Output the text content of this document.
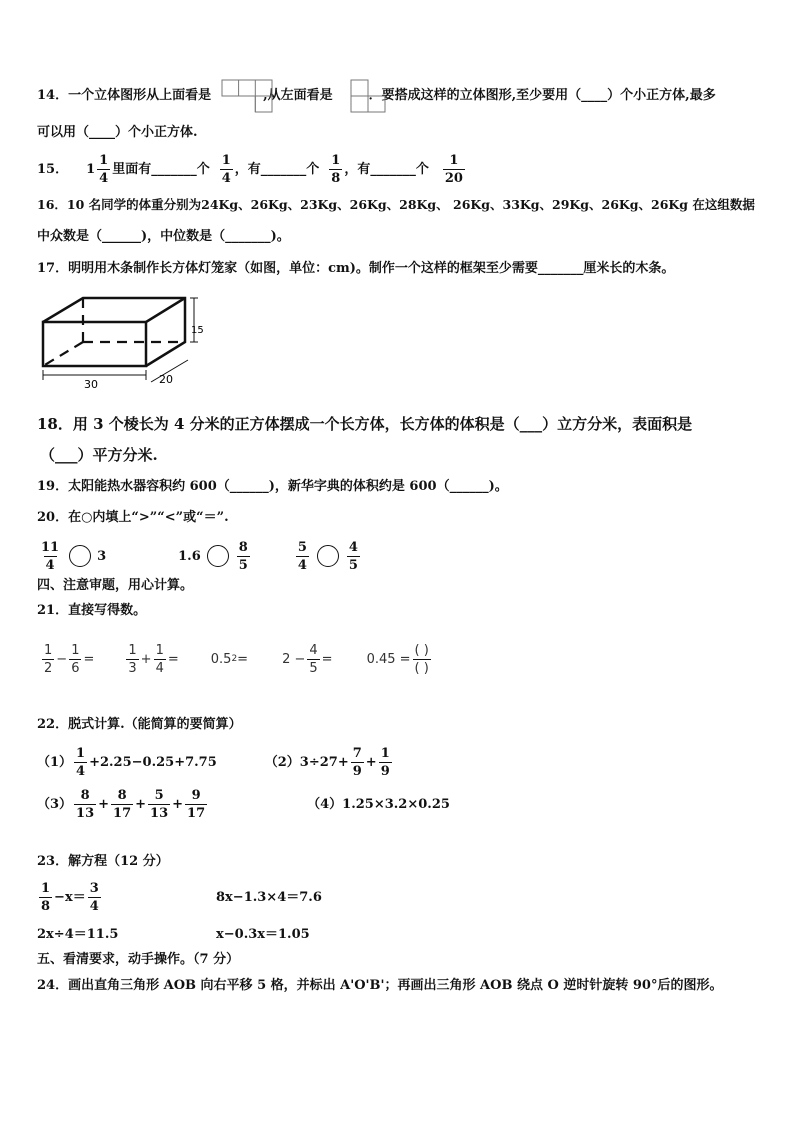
14．一个立体图形从上面看是	,从左面看是	．要搭成这样的立体图形,至少要用（____）个小正方体,最多
可以用（____）个小正方体.
15． $1 \frac{1}{4}$ 里面有_______个 $\frac{1}{4}$ ，有_______个 $\frac{1}{8}$ ，有_______个 $\frac{1}{20}$
16．10 名同学的体重分别为24Kg、26Kg、23Kg、26Kg、28Kg、 26Kg、33Kg、29Kg、26Kg、26Kg 在这组数据
中众数是（______)，中位数是（_______)。
17．明明用木条制作长方体灯笼家（如图，单位：cm)。制作一个这样的框架至少需要_______厘米长的木条。
30	20
15
18．用 3 个棱长为 4 分米的正方体摆成一个长方体，长方体的体积是（___）立方分米，表面积是
（___）平方分米.
19．太阳能热水器容积约 600（______)，新华字典的体积约是 600（______)。
20．在○内填上“>”“<”或“＝”.
$\frac{11}{4}$	3	1.6	$\frac{8}{5}$	$\frac{5}{4}$	$\frac{4}{5}$
四、注意审题，用心计算。
21．直接写得数。
$\frac{1}{2} - \frac{1}{6} = \frac{1}{3} + \frac{1}{4} = 0.5$ 2 =	$2 - \frac{4}{5}$ =	$0.45 = \frac{( )}{( )}$
22．脱式计算.（能简算的要简算）
$(1) \frac{1}{4} +2.25-0.25+7.75$	$(2)3\div 27+ \frac{7}{9} + \frac{1}{9}$
$(3) \frac{8}{13} + \frac{8}{17} + \frac{5}{13} + \frac{9}{17}$	（4）1.25×3.2×0.25
23．解方程（12 分）
$\frac{1}{8} -x= \frac{3}{4}$	8x−1.3×4＝7.6
2x÷4＝11.5	x−0.3x＝1.05
五、看清要求，动手操作。（7 分）
24．画出直角三角形 AOB 向右平移 5 格，并标出 A'O'B'；再画出三角形 AOB 绕点 O 逆时针旋转 90°后的图形。
